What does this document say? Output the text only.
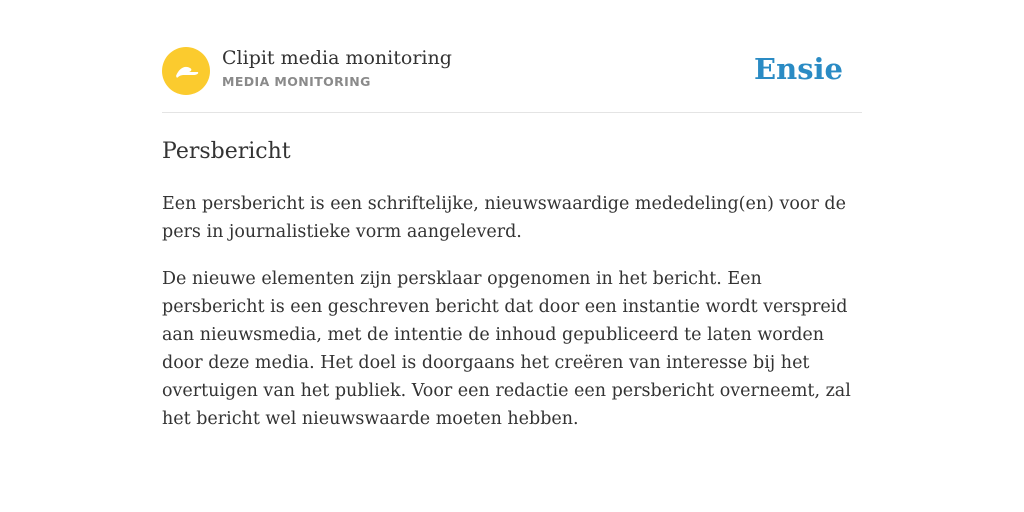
Clipit media monitoring
MEDIA MONITORING	Ensie
Persbericht

Een persbericht is een schriftelijke, nieuwswaardige mededeling(en) voor de pers in journalistieke vorm aangeleverd.

De nieuwe elementen zijn persklaar opgenomen in het bericht. Een persbericht is een geschreven bericht dat door een instantie wordt verspreid aan nieuwsmedia, met de intentie de inhoud gepubliceerd te laten worden door deze media. Het doel is doorgaans het creëren van interesse bij het overtuigen van het publiek. Voor een redactie een persbericht overneemt, zal het bericht wel nieuwswaarde moeten hebben.
